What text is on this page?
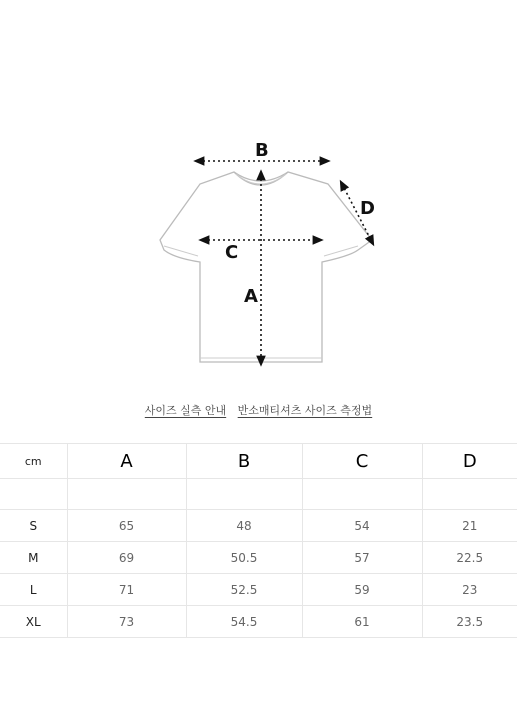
B
D
C
A
사이즈 실측 안내 반소매티셔츠 사이즈 측정법
cm	A	B	C	D

S	65	48	54	21
M	69	50.5	57	22.5
L	71	52.5	59	23
XL	73	54.5	61	23.5
